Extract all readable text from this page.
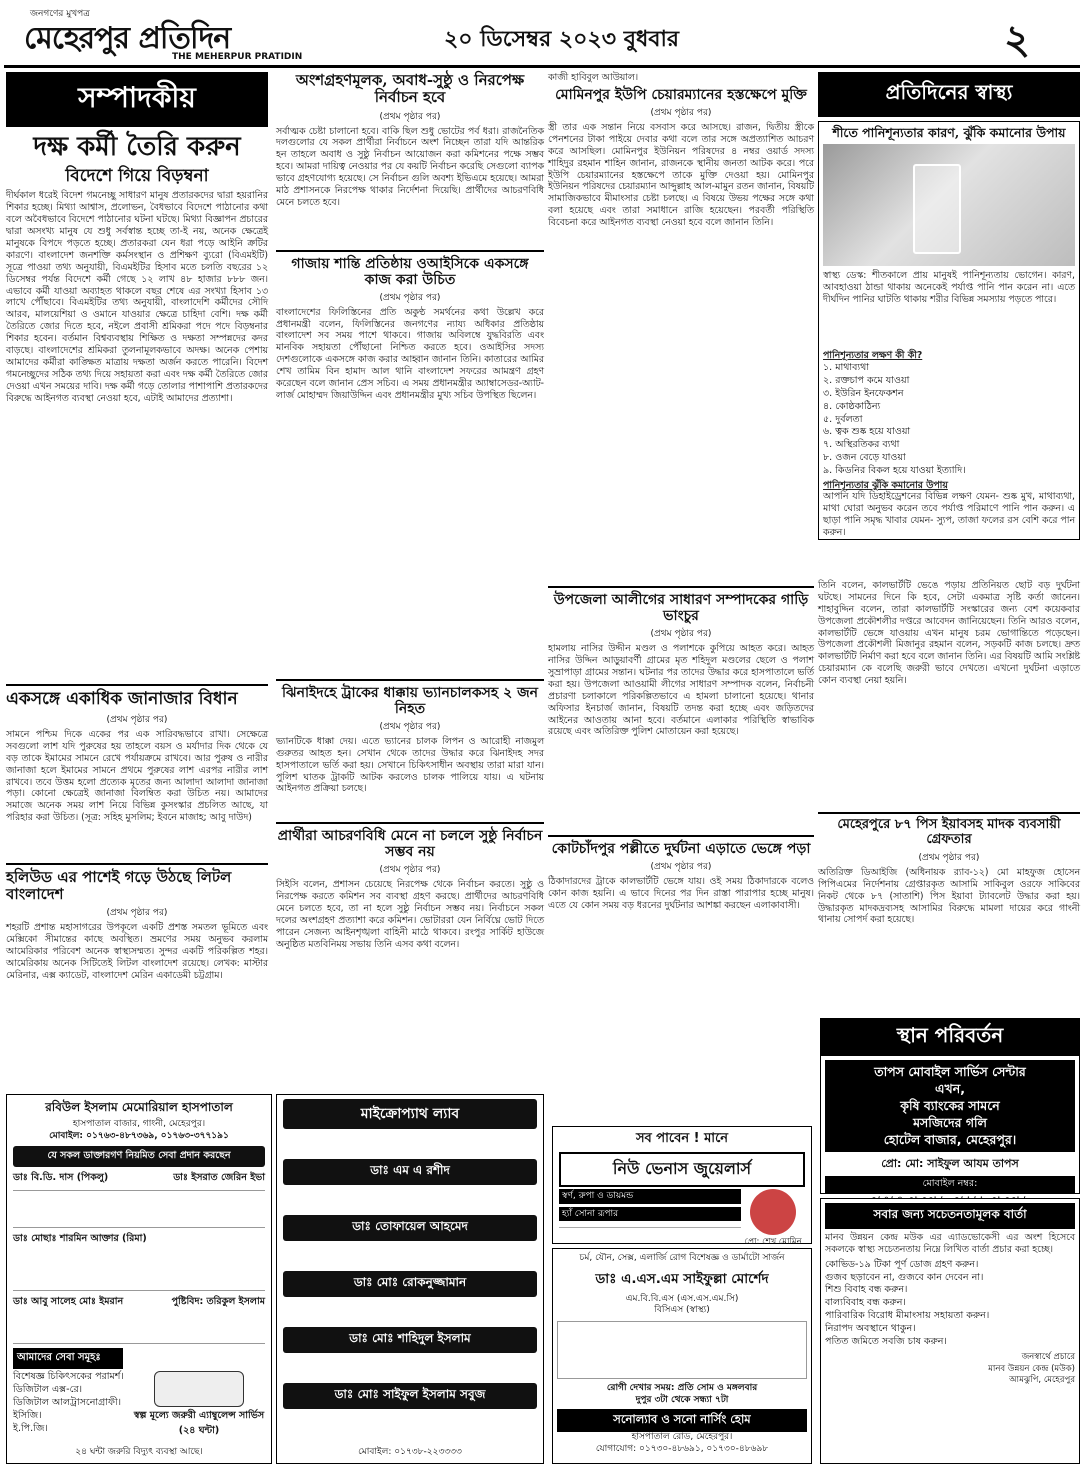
জনগণের মুখপত্র
মেহেরপুর প্রতিদিন
THE MEHERPUR PRATIDIN
২০ ডিসেম্বর ২০২৩ বুধবার	২
সম্পাদকীয়
দক্ষ কর্মী তৈরি করুন
বিদেশে গিয়ে বিড়ম্বনা
দীর্ঘকাল ধরেই বিদেশ গমনেচ্ছু সাধারণ মানুষ প্রতারকদের দ্বারা হয়রানির শিকার হচ্ছে। মিথ্যা আশ্বাস, প্রলোভন, বৈধভাবে বিদেশে পাঠানোর কথা বলে অবৈধভাবে বিদেশে পাঠানোর ঘটনা ঘটছে। মিথ্যা বিজ্ঞাপন প্রচারের দ্বারা অসংখ্য মানুষ যে শুধু সর্বস্বান্ত হচ্ছে তা-ই নয়, অনেক ক্ষেত্রেই মানুষকে বিপদে পড়তে হচ্ছে। প্রতারকরা যেন ধরা পড়ে আইনি ক্রটির কারণে। বাংলাদেশ জনশক্তি কর্মসংস্থান ও প্রশিক্ষণ ব্যুরো (বিএমইটি) সূত্রে পাওয়া তথ্য অনুযায়ী, বিএমইটির হিসাব মতে চলতি বছরের ১২ ডিসেম্বর পর্যন্ত বিদেশে কর্মী গেছে ১২ লাখ ৪৮ হাজার ৮৮৮ জন। এভাবে কর্মী যাওয়া অব্যাহত থাকলে বছর শেষে এর সংখ্যা হিসাব ১৩ লাখে পৌঁছাবে। বিএমইটির তথ্য অনুযায়ী, বাংলাদেশি কর্মীদের সৌদি আরব, মালয়েশিয়া ও ওমানে যাওয়ার ক্ষেত্রে চাহিদা বেশি। দক্ষ কর্মী তৈরিতে জোর দিতে হবে, নইলে প্রবাসী শ্রমিকরা পদে পদে বিড়ম্বনার শিকার হবেন। বর্তমান বিশ্বব্যবস্থায় শিক্ষিত ও দক্ষতা সম্পন্নদের কদর বাড়ছে। বাংলাদেশের শ্রমিকরা তুলনামূলকভাবে অদক্ষ। অনেক পেশায় আমাদের কর্মীরা কাঙ্ক্ষিত মাত্রায় দক্ষতা অর্জন করতে পারেনি। বিদেশ গমনেচ্ছুদের সঠিক তথ্য দিয়ে সহায়তা করা এবং দক্ষ কর্মী তৈরিতে জোর দেওয়া এখন সময়ের দাবি। দক্ষ কর্মী গড়ে তোলার পাশাপাশি প্রতারকদের বিরুদ্ধে আইনগত ব্যবস্থা নেওয়া হবে, এটাই আমাদের প্রত্যাশা।
একসঙ্গে একাধিক জানাজার বিধান
(প্রথম পৃষ্ঠার পর)
সামনে পশ্চিম দিকে একের পর এক সারিবদ্ধভাবে রাখা। সেক্ষেত্রে সবগুলো লাশ যদি পুরুষের হয় তাহলে বয়স ও মর্যাদার দিক থেকে যে বড় তাকে ইমামের সামনে রেখে পর্যায়ক্রমে রাখবে। আর পুরুষ ও নারীর জানাজা হলে ইমামের সামনে প্রথমে পুরুষের লাশ এরপর নারীর লাশ রাখবে। তবে উত্তম হলো প্রত্যেক মৃতের জন্য আলাদা আলাদা জানাজা পড়া। কোনো ক্ষেত্রেই জানাজা বিলম্বিত করা উচিত নয়। আমাদের সমাজে অনেক সময় লাশ নিয়ে বিভিন্ন কুসংস্কার প্রচলিত আছে, যা পরিহার করা উচিত। (সূত্র: সহিহ মুসলিম; ইবনে মাজাহ; আবু দাউদ)
হলিউড এর পাশেই গড়ে উঠছে লিটল বাংলাদেশ
(প্রথম পৃষ্ঠার পর)
শহরটি প্রশান্ত মহাসাগরের উপকূলে একটি প্রশস্ত সমতল ভূমিতে এবং মেক্সিকো সীমান্তের কাছে অবস্থিত। ভ্রমণের সময় অনুভব করলাম আমেরিকার পরিবেশ অনেক স্বাস্থ্যসম্মত। সুন্দর একটি পরিকল্পিত শহর। আমেরিকায় অনেক সিটিতেই লিটল বাংলাদেশ রয়েছে। লেখক: মাস্টার মেরিনার, এক্স ক্যাডেট, বাংলাদেশ মেরিন একাডেমী চট্টগ্রাম।
অংশগ্রহণমূলক, অবাধ-সুষ্ঠু ও নিরপেক্ষ নির্বাচন হবে
(প্রথম পৃষ্ঠার পর)
সর্বাত্মক চেষ্টা চালানো হবে। বাকি ছিল শুধু ভোটের পর্ব ধরা। রাজনৈতিক দলগুলোর যে সকল প্রার্থীরা নির্বাচনে অংশ নিচ্ছেন তারা যদি আন্তরিক হন তাহলে অবাধ ও সুষ্ঠু নির্বাচন আয়োজন করা কমিশনের পক্ষে সম্ভব হবে। আমরা দায়িত্ব নেওয়ার পর যে কয়টি নির্বাচন করেছি সেগুলো ব্যাপক ভাবে গ্রহণযোগ্য হয়েছে। সে নির্বাচন গুলি অবশ্য ইভিএমে হয়েছে। আমরা মাঠ প্রশাসনকে নিরপেক্ষ থাকার নির্দেশনা দিয়েছি। প্রার্থীদের আচরণবিধি মেনে চলতে হবে।
গাজায় শান্তি প্রতিষ্ঠায় ওআইসিকে একসঙ্গে কাজ করা উচিত
(প্রথম পৃষ্ঠার পর)
বাংলাদেশের ফিলিস্তিনের প্রতি অকুণ্ঠ সমর্থনের কথা উল্লেখ করে প্রধানমন্ত্রী বলেন, ফিলিস্তিনের জনগণের ন্যায্য অধিকার প্রতিষ্ঠায় বাংলাদেশ সব সময় পাশে থাকবে। গাজায় অবিলম্বে যুদ্ধবিরতি এবং মানবিক সহায়তা পৌঁছানো নিশ্চিত করতে হবে। ওআইসির সদস্য দেশগুলোকে একসঙ্গে কাজ করার আহ্বান জানান তিনি। কাতারের আমির শেখ তামিম বিন হামাদ আল থানি বাংলাদেশ সফরের আমন্ত্রণ গ্রহণ করেছেন বলে জানান প্রেস সচিব। এ সময় প্রধানমন্ত্রীর অ্যাম্বাসেডর-অ্যাট-লার্জ মোহাম্মদ জিয়াউদ্দিন এবং প্রধানমন্ত্রীর মুখ্য সচিব উপস্থিত ছিলেন।
ঝিনাইদহে ট্রাকের ধাক্কায় ভ্যানচালকসহ ২ জন নিহত
(প্রথম পৃষ্ঠার পর)
ভ্যানটিকে ধাক্কা দেয়। এতে ভ্যানের চালক লিপন ও আরোহী নাজমুল গুরুতর আহত হন। সেখান থেকে তাদের উদ্ধার করে ঝিনাইদহ সদর হাসপাতালে ভর্তি করা হয়। সেখানে চিকিৎসাধীন অবস্থায় তারা মারা যান। পুলিশ ঘাতক ট্রাকটি আটক করলেও চালক পালিয়ে যায়। এ ঘটনায় আইনগত প্রক্রিয়া চলছে।
প্রার্থীরা আচরণবিধি মেনে না চললে সুষ্ঠু নির্বাচন সম্ভব নয়
(প্রথম পৃষ্ঠার পর)
সিইসি বলেন, প্রশাসন চেয়েছে নিরপেক্ষ থেকে নির্বাচন করতে। সুষ্ঠু ও নিরপেক্ষ করতে কমিশন সব ব্যবস্থা গ্রহণ করছে। প্রার্থীদের আচরণবিধি মেনে চলতে হবে, তা না হলে সুষ্ঠু নির্বাচন সম্ভব নয়। নির্বাচনে সকল দলের অংশগ্রহণ প্রত্যাশা করে কমিশন। ভোটাররা যেন নির্বিঘ্নে ভোট দিতে পারেন সেজন্য আইনশৃঙ্খলা বাহিনী মাঠে থাকবে। রংপুর সার্কিট হাউজে অনুষ্ঠিত মতবিনিময় সভায় তিনি এসব কথা বলেন।
কাজী হাবিবুল আউয়াল।
মোমিনপুর ইউপি চেয়ারম্যানের হস্তক্ষেপে মুক্তি
(প্রথম পৃষ্ঠার পর)
স্ত্রী তার এক সন্তান নিয়ে বসবাস করে আসছে। রাজন, দ্বিতীয় স্ত্রীকে পেনশনের টাকা পাইয়ে দেবার কথা বলে তার সঙ্গে অপ্রত্যাশিত আচরণ করে আসছিল। মোমিনপুর ইউনিয়ন পরিষদের ৪ নম্বর ওয়ার্ড সদস্য শাহিদুর রহমান শাহিন জানান, রাজনকে স্থানীয় জনতা আটক করে। পরে ইউপি চেয়ারম্যানের হস্তক্ষেপে তাকে মুক্তি দেওয়া হয়। মোমিনপুর ইউনিয়ন পরিষদের চেয়ারম্যান আব্দুল্লাহ আল-মামুন রতন জানান, বিষয়টি সামাজিকভাবে মীমাংসার চেষ্টা চলছে। এ বিষয়ে উভয় পক্ষের সঙ্গে কথা বলা হয়েছে এবং তারা সমাধানে রাজি হয়েছেন। পরবর্তী পরিস্থিতি বিবেচনা করে আইনগত ব্যবস্থা নেওয়া হবে বলে জানান তিনি।
উপজেলা আলীগের সাধারণ সম্পাদকের গাড়ি ভাংচুর
(প্রথম পৃষ্ঠার পর)
হামলায় নাসির উদ্দীন মণ্ডল ও পলাশকে কুপিয়ে আহত করে। আহত নাসির উদ্দিন আড়ুয়াবর্ণী গ্রামের মৃত শহিদুল মণ্ডলের ছেলে ও পলাশ সুভ্রাপাড়া গ্রামের সন্তান। ঘটনার পর তাদের উদ্ধার করে হাসপাতালে ভর্তি করা হয়। উপজেলা আওয়ামী লীগের সাধারণ সম্পাদক বলেন, নির্বাচনী প্রচারণা চলাকালে পরিকল্পিতভাবে এ হামলা চালানো হয়েছে। থানার অফিসার ইনচার্জ জানান, বিষয়টি তদন্ত করা হচ্ছে এবং জড়িতদের আইনের আওতায় আনা হবে। বর্তমানে এলাকার পরিস্থিতি স্বাভাবিক রয়েছে এবং অতিরিক্ত পুলিশ মোতায়েন করা হয়েছে।
কোটচাঁদপুর পল্লীতে দুর্ঘটনা এড়াতে ভেঙ্গে পড়া
(প্রথম পৃষ্ঠার পর)
ঠিকাদারদের ট্রাকে কালভার্টটি ভেঙ্গে যায়। ওই সময় ঠিকাদারকে বলেও কোন কাজ হয়নি। এ ভাবে দিনের পর দিন রাস্তা পারাপার হচ্ছে মানুষ। এতে যে কোন সময় বড় ধরনের দুর্ঘটনার আশঙ্কা করছেন এলাকাবাসী।
প্রতিদিনের স্বাস্থ্য
শীতে পানিশূন্যতার কারণ, ঝুঁকি কমানোর উপায়
স্বাস্থ্য ডেস্ক: শীতকালে প্রায় মানুষই পানিশূন্যতায় ভোগেন। কারণ, আবহাওয়া ঠান্ডা থাকায় অনেকেই পর্যাপ্ত পানি পান করেন না। এতে দীর্ঘদিন পানির ঘাটতি থাকায় শরীর বিভিন্ন সমস্যায় পড়তে পারে।
পানিশূন্যতার লক্ষণ কী কী?
১. মাথাব্যথা
২. রক্তচাপ কমে যাওয়া
৩. ইউরিন ইনফেকশন
৪. কোষ্ঠকাঠিন্য
৫. দুর্বলতা
৬. ত্বক শুষ্ক হয়ে যাওয়া
৭. অস্থিরতিকর ব্যথা
৮. ওজন বেড়ে যাওয়া
৯. কিডনির বিকল হয়ে যাওয়া ইত্যাদি।
পানিশূন্যতার ঝুঁকি কমানোর উপায়
আপনি যদি ডিহাইড্রেশনের বিভিন্ন লক্ষণ যেমন- শুষ্ক মুখ, মাথাব্যথা, মাথা ঘোরা অনুভব করেন তবে পর্যাপ্ত পরিমাণে পানি পান করুন। এ ছাড়া পানি সমৃদ্ধ খাবার যেমন- স্যুপ, তাজা ফলের রস বেশি করে পান করুন।
তিনি বলেন, কালভার্টটি ভেঙে পড়ায় প্রতিনিয়ত ছোট বড় দুর্ঘটনা ঘটছে। সামনের দিনে কি হবে, সেটা একমাত্র সৃষ্টি কর্তা জানেন। শাহাবুদ্দিন বলেন, তারা কালভার্টটি সংস্কারের জন্য বেশ কয়েকবার উপজেলা প্রকৌশলীর দপ্তরে আবেদন জানিয়েছেন। তিনি আরও বলেন, কালভার্টটি ভেঙ্গে যাওয়ায় এখন মানুষ চরম ভোগান্তিতে পড়েছেন। উপজেলা প্রকৌশলী মিজানুর রহমান বলেন, সড়কটি কাজ চলছে। দ্রুত কালভার্টটি নির্মাণ করা হবে বলে জানান তিনি। এর বিষয়টি আমি সংশ্লিষ্ট চেয়ারম্যান কে বলেছি জরুরী ভাবে দেখতে। এখনো দুর্ঘটনা এড়াতে কোন ব্যবস্থা নেয়া হয়নি।
মেহেরপুরে ৮৭ পিস ইয়াবসহ মাদক ব্যবসায়ী গ্রেফতার
(প্রথম পৃষ্ঠার পর)
অতিরিক্ত ডিআইজি (অধিনায়ক র‌্যাব-১২) মো মাহফুজ হোসেন পিপিএমের নির্দেশনায় গ্রেপ্তারকৃত আসামি সাকিবুল ওরফে সাকিবের নিকট থেকে ৮৭ (সাতাশি) পিস ইয়াবা ট্যাবলেট উদ্ধার করা হয়। উদ্ধারকৃত মাদকদ্রব্যসহ আসামির বিরুদ্ধে মামলা দায়ের করে গাংনী থানায় সোপর্দ করা হয়েছে।
স্থান পরিবর্তন
তাপস মোবাইল সার্ভিস সেন্টার
এখন,
কৃষি ব্যাংকের সামনে
মসজিদের গলি
হোটেল বাজার, মেহেরপুর।
প্রো: মো: সাইফুল আযম তাপস
মোবাইল নম্বর:
সবার জন্য সচেতনতামূলক বার্তা
মানব উন্নয়ন কেন্দ্র মউক এর এ্যাডভোকেসী এর অংশ হিসেবে সকলকে স্বাস্থ্য সচেতনতায় নিম্নে লিখিত বার্তা প্রচার করা হচ্ছে।
কোভিড-১৯ টিকা পূর্ণ ডোজ গ্রহণ করুন।
গুজব ছড়াবেন না, গুজবে কান দেবেন না।
শিশু বিবাহ বন্ধ করুন।
বাল্যবিবাহ বন্ধ করুন।
পারিবারিক বিরোধ মীমাংসায় সহায়তা করুন।
নিরাপদ অবস্থানে থাকুন।
পতিত জমিতে সবজি চাষ করুন।
জনস্বার্থে প্রচারে
মানব উন্নয়ন কেন্দ্র (মউক)
আমঝুপি, মেহেরপুর
রবিউল ইসলাম মেমোরিয়াল হাসপাতাল
হাসপাতাল বাজার, গাংনী, মেহেরপুর।
মোবাইল: ০১৭৬৩-৪৮৭৩৬৯, ০১৭৬৩-৩৭৭১৯১
যে সকল ডাক্তারগণ নিয়মিত সেবা প্রদান করছেন
ডাঃ বি.ডি. দাস (পিকলু)	ডাঃ ইসরাত জেরিন ইভা
ডাঃ মোছাঃ শারমিন আক্তার (রিমা)
ডাঃ আবু সালেহ মোঃ ইমরান	পুষ্টিবিদ: তরিকুল ইসলাম
আমাদের সেবা সমূহঃ
বিশেষজ্ঞ চিকিৎসকের পরামর্শ।
ডিজিটাল এক্স-রে।
ডিজিটাল আলট্রাসনোগ্রাফী।
ইসিজি।
ই.পি.জি।
স্বল্প মূল্যে জরুরী এ্যাম্বুলেন্স সার্ভিস (২৪ ঘন্টা)
২৪ ঘন্টা জরুরি বিদ্যুৎ ব্যবস্থা আছে।
মাইক্রোপ্যাথ ল্যাব
ডাঃ এম এ রশীদ
ডাঃ তোফায়েল আহমেদ
ডাঃ মোঃ রোকনুজ্জামান
ডাঃ মোঃ শাহিদুল ইসলাম
ডাঃ মোঃ সাইফুল ইসলাম সবুজ
মোবাইল: ০১৭৩৮-২২৩৩৩৩
সব পাবেন ! মানে
নিউ ভেনাস জুয়েলার্স
স্বর্ণ, রুপা ও ডায়মন্ড
হ্যাঁ সোনা রূপার
প্রো: শেখ মোমিন
চর্ম, যৌন, সেক্স, এলার্জি রোগ বিশেষজ্ঞ ও ডার্মাটো সার্জন
ডাঃ এ.এস.এম সাইফুল্লা মোর্শেদ
এম.বি.বি.এস (এস.এস.এম.সি)
বিসিএস (স্বাস্থ্য)
রোগী দেখার সময়: প্রতি সোম ও মঙ্গলবার
দুপুর ৩টা থেকে সন্ধ্যা ৭টা
সনোল্যাব ও সনো নার্সিং হোম
হাসপাতাল রোড, মেহেরপুর।
যোগাযোগ: ০১৭৩০-৪৮৬৯১, ০১৭৩০-৪৮৬৯৮
